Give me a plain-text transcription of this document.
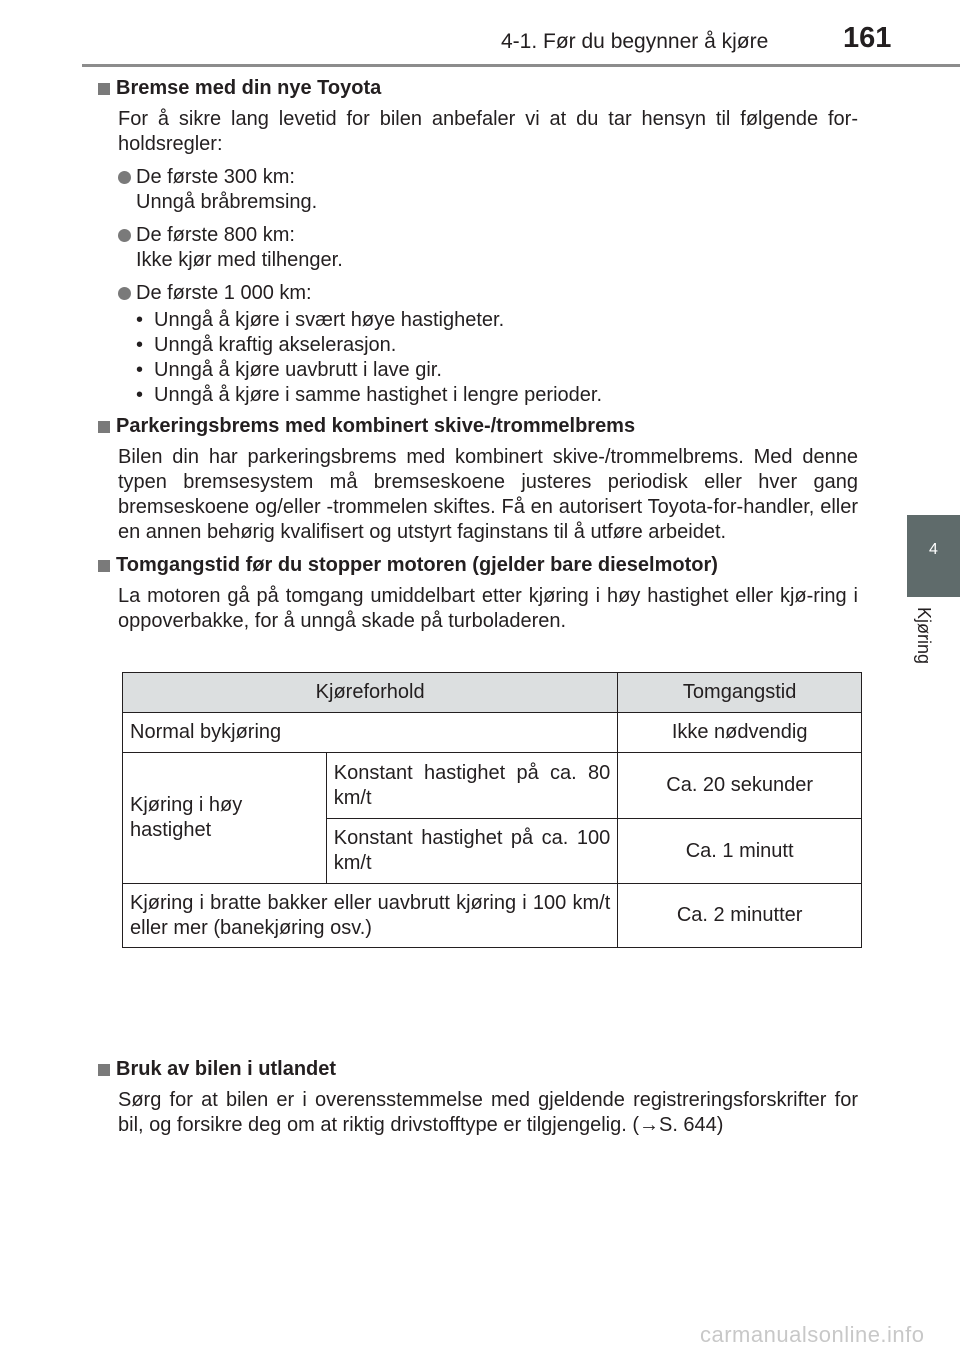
4-1. Før du begynner å kjøre	161
4
Kjøring
Bremse med din nye Toyota
For å sikre lang levetid for bilen anbefaler vi at du tar hensyn til følgende for-holdsregler:
De første 300 km:
Unngå bråbremsing.
De første 800 km:
Ikke kjør med tilhenger.
De første 1 000 km:
• Unngå å kjøre i svært høye hastigheter.
• Unngå kraftig akselerasjon.
• Unngå å kjøre uavbrutt i lave gir.
• Unngå å kjøre i samme hastighet i lengre perioder.
Parkeringsbrems med kombinert skive-/trommelbrems
Bilen din har parkeringsbrems med kombinert skive-/trommelbrems. Med denne typen bremsesystem må bremseskoene justeres periodisk eller hver gang bremseskoene og/eller -trommelen skiftes. Få en autorisert Toyota-for-handler, eller en annen behørig kvalifisert og utstyrt faginstans til å utføre arbeidet.
Tomgangstid før du stopper motoren (gjelder bare dieselmotor)
La motoren gå på tomgang umiddelbart etter kjøring i høy hastighet eller kjø-ring i oppoverbakke, for å unngå skade på turboladeren.
Kjøreforhold		Tomgangstid
Normal bykjøring		Ikke nødvendig
Kjøring i høy hastighet	Konstant hastighet på ca. 80 km/t	Ca. 20 sekunder
	Konstant hastighet på ca. 100 km/t	Ca. 1 minutt
Kjøring i bratte bakker eller uavbrutt kjøring i 100 km/t eller mer (banekjøring osv.)		Ca. 2 minutter
Bruk av bilen i utlandet
Sørg for at bilen er i overensstemmelse med gjeldende registreringsforskrifter for bil, og forsikre deg om at riktig drivstofftype er tilgjengelig. (→S. 644)
carmanualsonline.info
